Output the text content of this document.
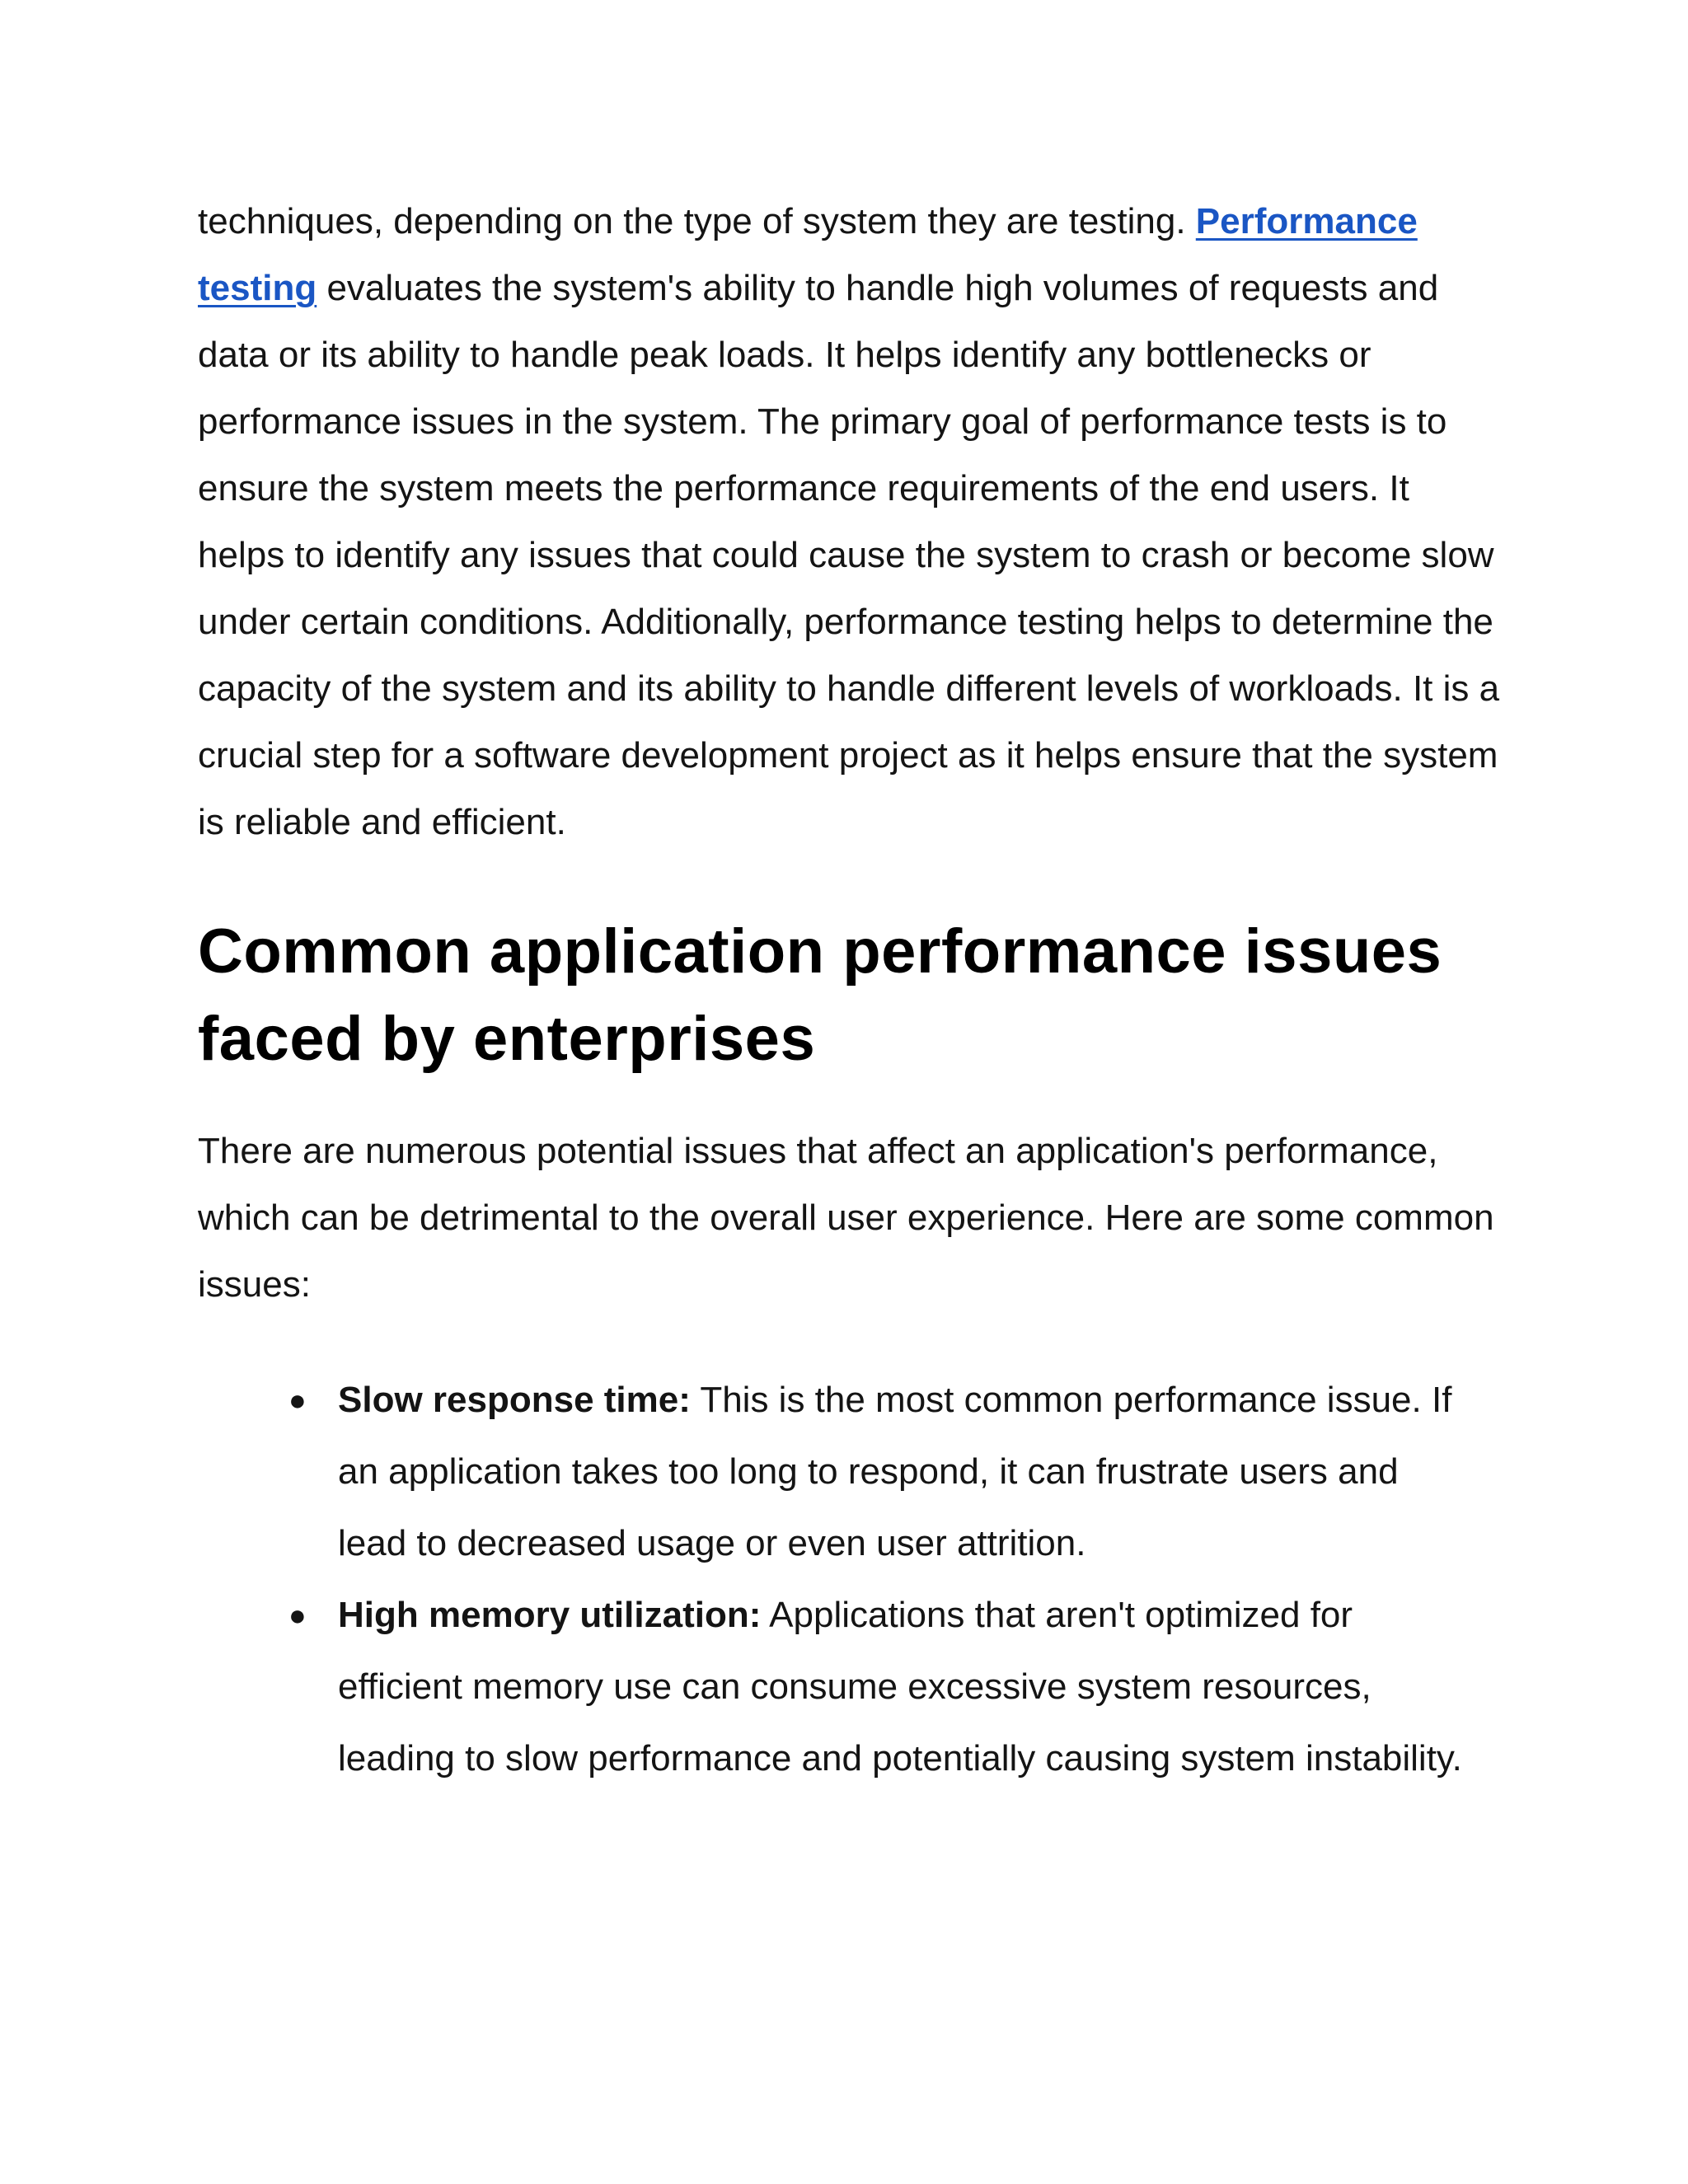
techniques, depending on the type of system they are testing. Performance testing evaluates the system's ability to handle high volumes of requests and data or its ability to handle peak loads. It helps identify any bottlenecks or performance issues in the system. The primary goal of performance tests is to ensure the system meets the performance requirements of the end users. It helps to identify any issues that could cause the system to crash or become slow under certain conditions. Additionally, performance testing helps to determine the capacity of the system and its ability to handle different levels of workloads. It is a crucial step for a software development project as it helps ensure that the system is reliable and efficient.

Common application performance issues faced by enterprises

There are numerous potential issues that affect an application's performance, which can be detrimental to the overall user experience. Here are some common issues:

● Slow response time: This is the most common performance issue. If an application takes too long to respond, it can frustrate users and lead to decreased usage or even user attrition.
● High memory utilization: Applications that aren't optimized for efficient memory use can consume excessive system resources, leading to slow performance and potentially causing system instability.
